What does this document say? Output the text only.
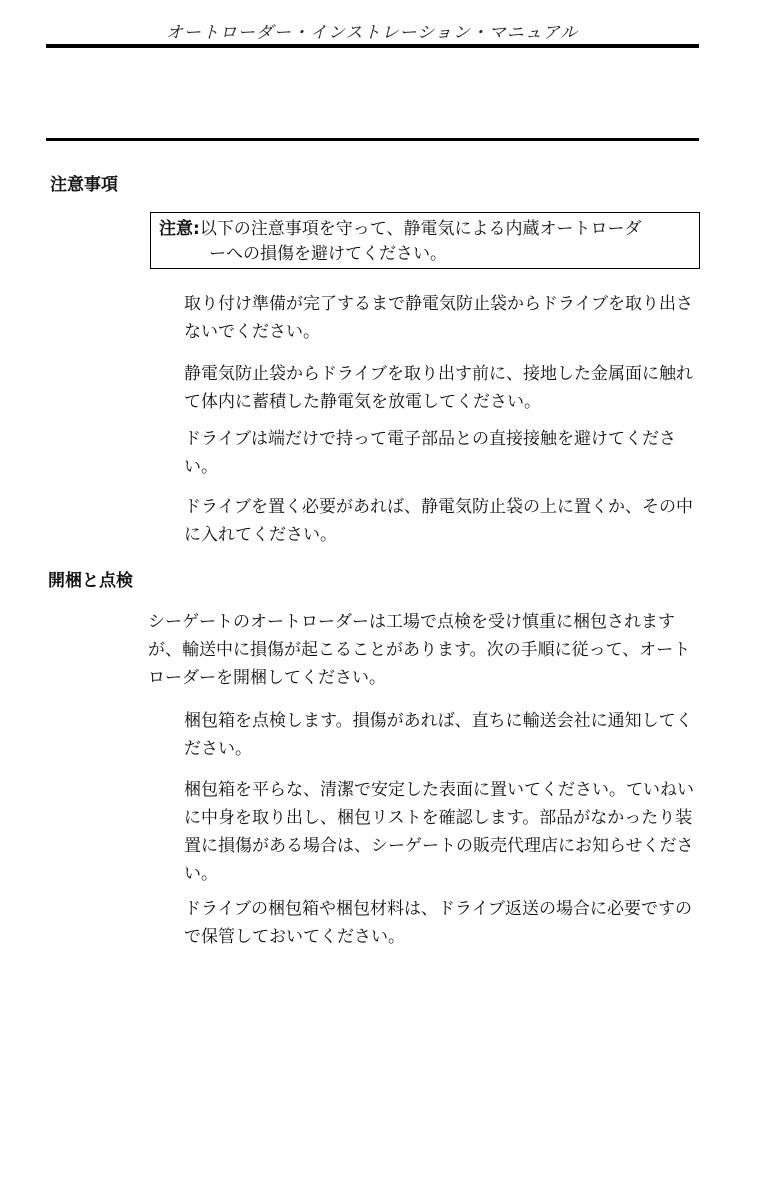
オートローダー・インストレーション・マニュアル
注意事項
注意:以下の注意事項を守って、静電気による内蔵オートローダ
ーへの損傷を避けてください。
取り付け準備が完了するまで静電気防止袋からドライブを取り出さないでください。
静電気防止袋からドライブを取り出す前に、接地した金属面に触れて体内に蓄積した静電気を放電してください。
ドライブは端だけで持って電子部品との直接接触を避けてください。
ドライブを置く必要があれば、静電気防止袋の上に置くか、その中に入れてください。
開梱と点検
シーゲートのオートローダーは工場で点検を受け慎重に梱包されますが、輸送中に損傷が起こることがあります。次の手順に従って、オートローダーを開梱してください。
梱包箱を点検します。損傷があれば、直ちに輸送会社に通知してください。
梱包箱を平らな、清潔で安定した表面に置いてください。ていねいに中身を取り出し、梱包リストを確認します。部品がなかったり装置に損傷がある場合は、シーゲートの販売代理店にお知らせください。
ドライブの梱包箱や梱包材料は、ドライブ返送の場合に必要ですので保管しておいてください。
